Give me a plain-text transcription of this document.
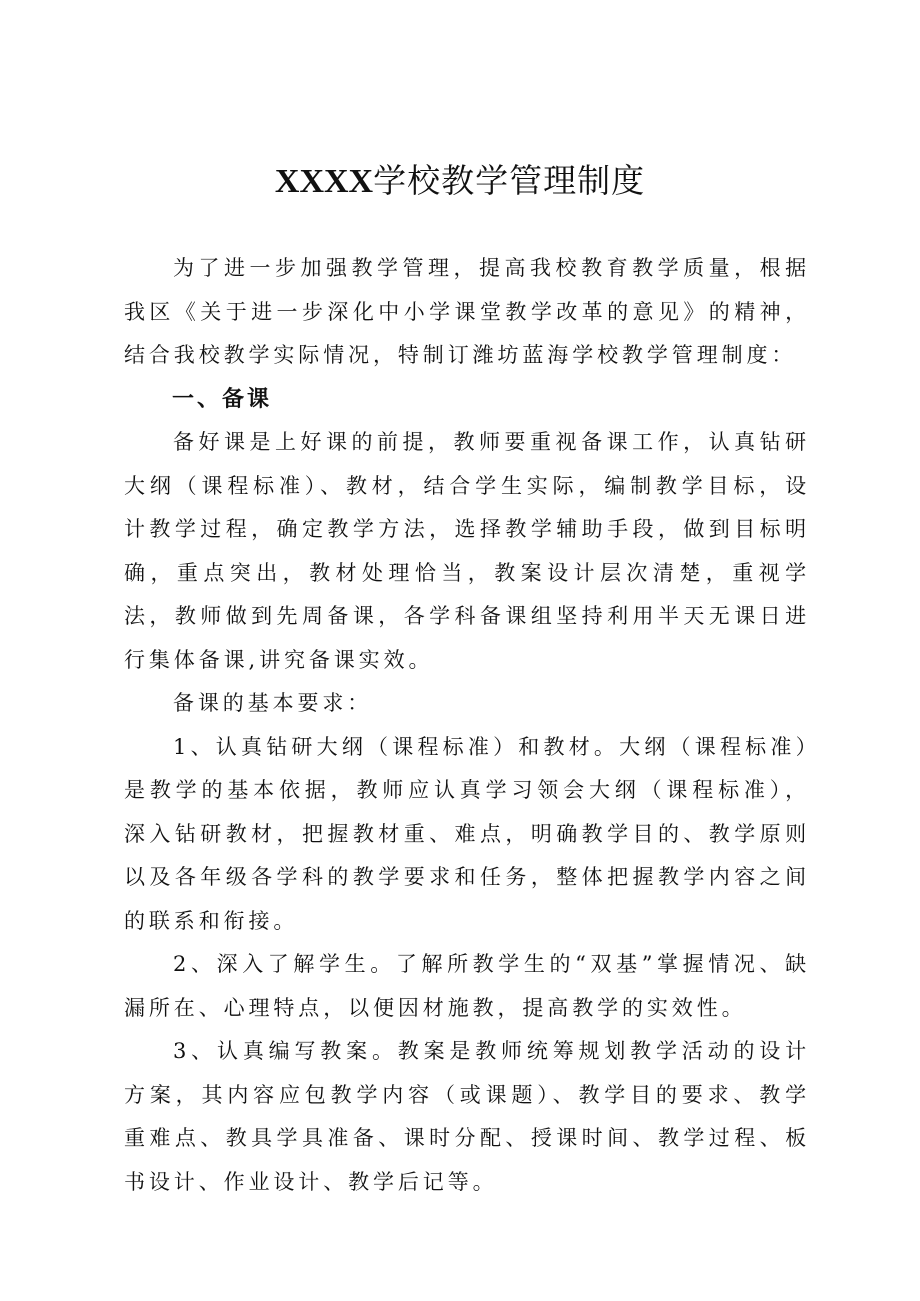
XXXX学校教学管理制度

为了进一步加强教学管理，提高我校教育教学质量，根据我区《关于进一步深化中小学课堂教学改革的意见》的精神，结合我校教学实际情况，特制订潍坊蓝海学校教学管理制度：

一、备课

备好课是上好课的前提，教师要重视备课工作，认真钻研大纲（课程标准）、教材，结合学生实际，编制教学目标，设计教学过程，确定教学方法，选择教学辅助手段，做到目标明确，重点突出，教材处理恰当，教案设计层次清楚，重视学法，教师做到先周备课，各学科备课组坚持利用半天无课日进行集体备课,讲究备课实效。

备课的基本要求：

1、认真钻研大纲（课程标准）和教材。大纲（课程标准）是教学的基本依据，教师应认真学习领会大纲（课程标准），深入钻研教材，把握教材重、难点，明确教学目的、教学原则以及各年级各学科的教学要求和任务，整体把握教学内容之间的联系和衔接。

2、深入了解学生。了解所教学生的“双基”掌握情况、缺漏所在、心理特点，以便因材施教，提高教学的实效性。

3、认真编写教案。教案是教师统筹规划教学活动的设计方案，其内容应包教学内容（或课题）、教学目的要求、教学重难点、教具学具准备、课时分配、授课时间、教学过程、板书设计、作业设计、教学后记等。
